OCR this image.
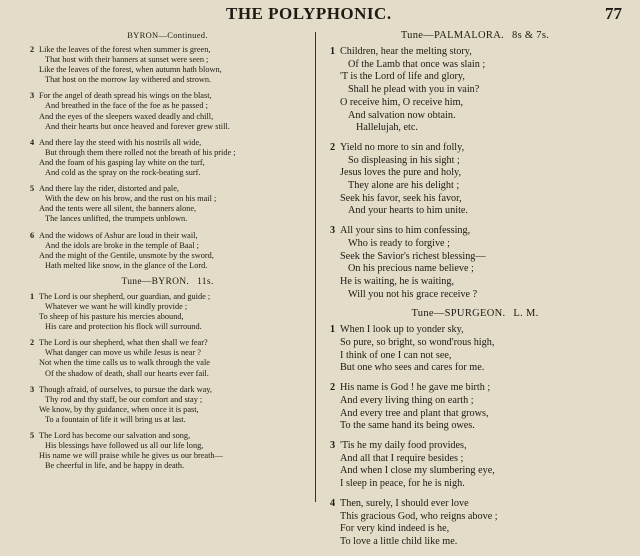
THE POLYPHONIC.	77
BYRON—Continued.
2 Like the leaves of the forest when summer is green,
That host with their banners at sunset were seen ;
Like the leaves of the forest, when autumn hath blown,
That host on the morrow lay withered and strown.
3 For the angel of death spread his wings on the blast,
And breathed in the face of the foe as he passed ;
And the eyes of the sleepers waxed deadly and chill,
And their hearts but once heaved and forever grew still.
4 And there lay the steed with his nostrils all wide,
But through them there rolled not the breath of his pride ;
And the foam of his gasping lay white on the turf,
And cold as the spray on the rock-beating surf.
5 And there lay the rider, distorted and pale,
With the dew on his brow, and the rust on his mail ;
And the tents were all silent, the banners alone,
The lances unlifted, the trumpets unblown.
6 And the widows of Ashur are loud in their wail,
And the idols are broke in the temple of Baal ;
And the might of the Gentile, unsmote by the sword,
Hath melted like snow, in the glance of the Lord.
Tune—BYRON. 11s.
1 The Lord is our shepherd, our guardian, and guide ;
Whatever we want he will kindly provide ;
To sheep of his pasture his mercies abound,
His care and protection his flock will surround.
2 The Lord is our shepherd, what then shall we fear?
What danger can move us while Jesus is near ?
Not when the time calls us to walk through the vale
Of the shadow of death, shall our hearts ever fail.
3 Though afraid, of ourselves, to pursue the dark way,
Thy rod and thy staff, be our comfort and stay ;
We know, by thy guidance, when once it is past,
To a fountain of life it will bring us at last.
5 The Lord has become our salvation and song,
His blessings have followed us all our life long,
His name we will praise while he gives us our breath—
Be cheerful in life, and be happy in death.
Tune—PALMALORA. 8s & 7s.
1 Children, hear the melting story,
Of the Lamb that once was slain ;
'T is the Lord of life and glory,
Shall he plead with you in vain?
O receive him, O receive him,
And salvation now obtain.
Hallelujah, etc.
2 Yield no more to sin and folly,
So displeasing in his sight ;
Jesus loves the pure and holy,
They alone are his delight ;
Seek his favor, seek his favor,
And your hearts to him unite.
3 All your sins to him confessing,
Who is ready to forgive ;
Seek the Savior's richest blessing—
On his precious name believe ;
He is waiting, he is waiting,
Will you not his grace receive ?
Tune—SPURGEON. L. M.
1 When I look up to yonder sky,
So pure, so bright, so wond'rous high,
I think of one I can not see,
But one who sees and cares for me.
2 His name is God ! he gave me birth ;
And every living thing on earth ;
And every tree and plant that grows,
To the same hand its being owes.
3 'Tis he my daily food provides,
And all that I require besides ;
And when I close my slumbering eye,
I sleep in peace, for he is nigh.
4 Then, surely, I should ever love
This gracious God, who reigns above ;
For very kind indeed is he,
To love a little child like me.
